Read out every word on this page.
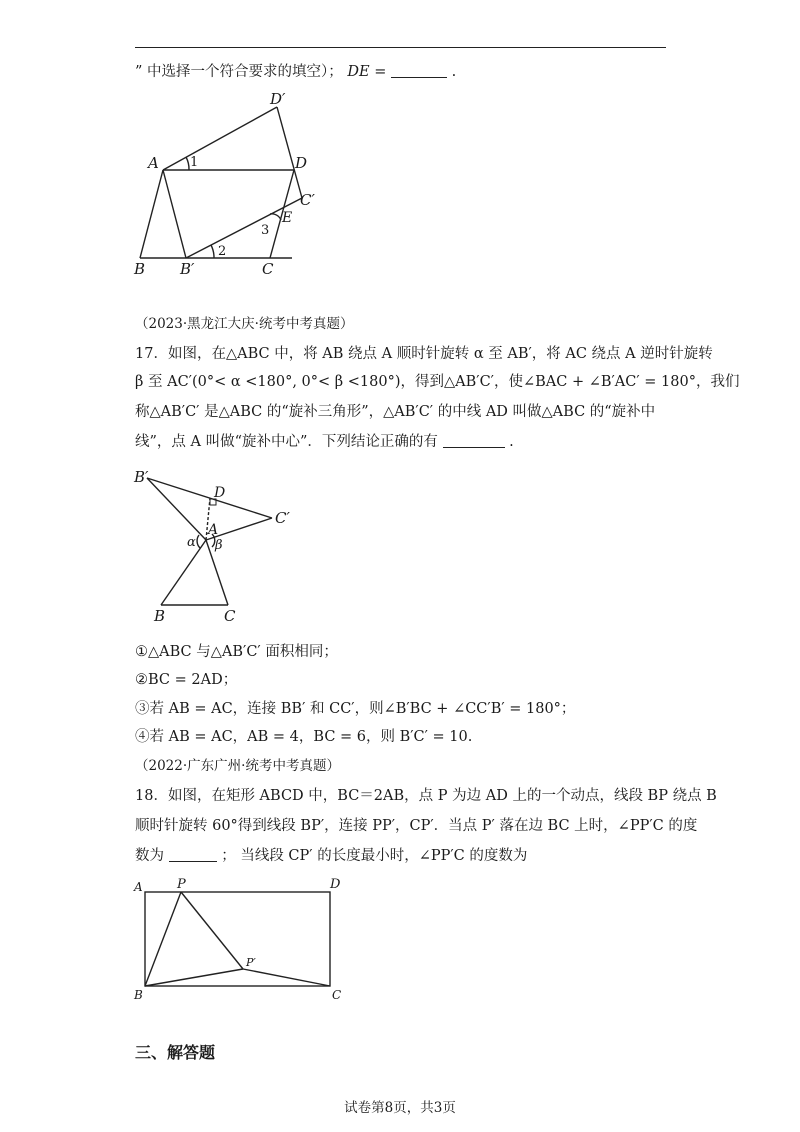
” 中选择一个符合要求的填空）； DE =	.
A
B B′	C
C′
D
D′
E
1
2
3
（2023·黑龙江大庆·统考中考真题）
17．如图，在△ABC 中，将 AB 绕点 A 顺时针旋转 α 至 AB′，将 AC 绕点 A 逆时针旋转
β 至 AC′(0°< α <180°, 0°< β <180°)，得到△AB′C′，使∠BAC + ∠B′AC′ = 180°，我们
称△AB′C′ 是△ABC 的“旋补三角形”，△AB′C′ 的中线 AD 叫做△ABC 的“旋补中
线”，点 A 叫做“旋补中心”．下列结论正确的有	.
B′
D
C′
A
α β
B	C
①△ABC 与△AB′C′ 面积相同；
②BC = 2AD；
③若 AB = AC，连接 BB′ 和 CC′，则∠B′BC + ∠CC′B′ = 180°；
④若 AB = AC，AB = 4，BC = 6，则 B′C′ = 10.
（2022·广东广州·统考中考真题）
18．如图，在矩形 ABCD 中，BC＝2AB，点 P 为边 AD 上的一个动点，线段 BP 绕点 B
顺时针旋转 60°得到线段 BP′，连接 PP′，CP′．当点 P′ 落在边 BC 上时，∠PP′C 的度
数为	； 当线段 CP′ 的长度最小时，∠PP′C 的度数为
A	P	D
P′
B	C
三、解答题
试卷第8页，共3页
